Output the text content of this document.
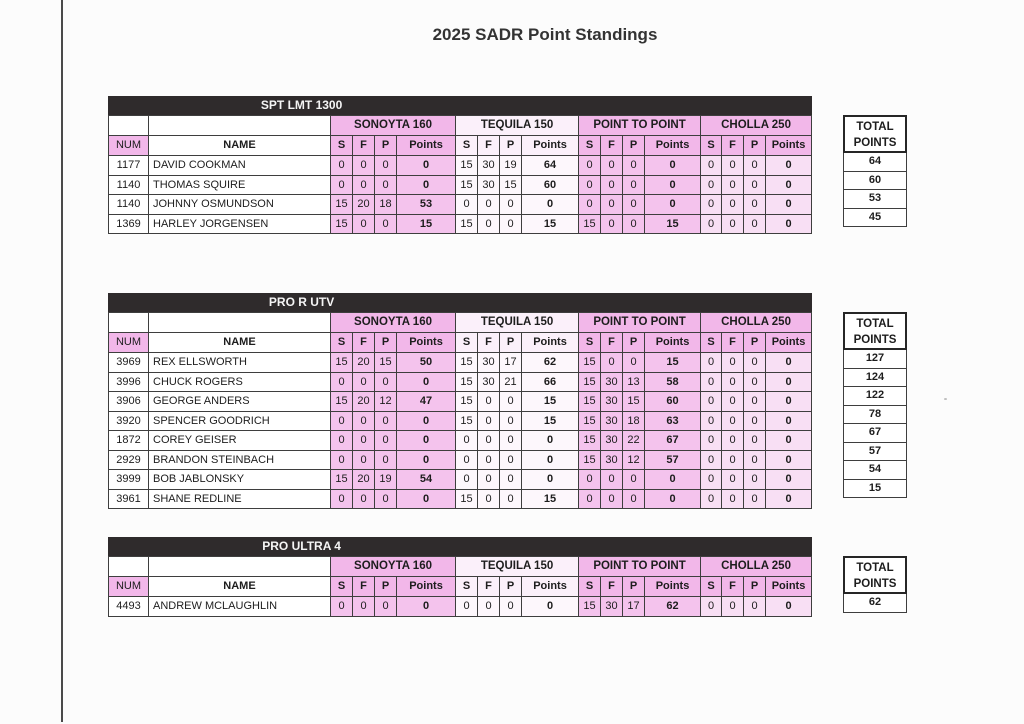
2025 SADR Point Standings
SPT LMT 1300
		SONOYTA 160				TEQUILA 150				POINT TO POINT				CHOLLA 250			
NUM	NAME	S	F	P	Points	S	F	P	Points	S	F	P	Points	S	F	P	Points
1177	DAVID COOKMAN	0	0	0	0	15	30	19	64	0	0	0	0	0	0	0	0
1140	THOMAS SQUIRE	0	0	0	0	15	30	15	60	0	0	0	0	0	0	0	0
1140	JOHNNY OSMUNDSON	15	20	18	53	0	0	0	0	0	0	0	0	0	0	0	0
1369	HARLEY JORGENSEN	15	0	0	15	15	0	0	15	15	0	0	15	0	0	0	0
TOTAL
POINTS
64
60
53
45
PRO R UTV
		SONOYTA 160				TEQUILA 150				POINT TO POINT				CHOLLA 250			
NUM	NAME	S	F	P	Points	S	F	P	Points	S	F	P	Points	S	F	P	Points
3969	REX ELLSWORTH	15	20	15	50	15	30	17	62	15	0	0	15	0	0	0	0
3996	CHUCK ROGERS	0	0	0	0	15	30	21	66	15	30	13	58	0	0	0	0
3906	GEORGE ANDERS	15	20	12	47	15	0	0	15	15	30	15	60	0	0	0	0
3920	SPENCER GOODRICH	0	0	0	0	15	0	0	15	15	30	18	63	0	0	0	0
1872	COREY GEISER	0	0	0	0	0	0	0	0	15	30	22	67	0	0	0	0
2929	BRANDON STEINBACH	0	0	0	0	0	0	0	0	15	30	12	57	0	0	0	0
3999	BOB JABLONSKY	15	20	19	54	0	0	0	0	0	0	0	0	0	0	0	0
3961	SHANE REDLINE	0	0	0	0	15	0	0	15	0	0	0	0	0	0	0	0
TOTAL
POINTS
127
124
122
78
67
57
54
15
PRO ULTRA 4
		SONOYTA 160				TEQUILA 150				POINT TO POINT				CHOLLA 250			
NUM	NAME	S	F	P	Points	S	F	P	Points	S	F	P	Points	S	F	P	Points
4493	ANDREW MCLAUGHLIN	0	0	0	0	0	0	0	0	15	30	17	62	0	0	0	0
TOTAL
POINTS
62
